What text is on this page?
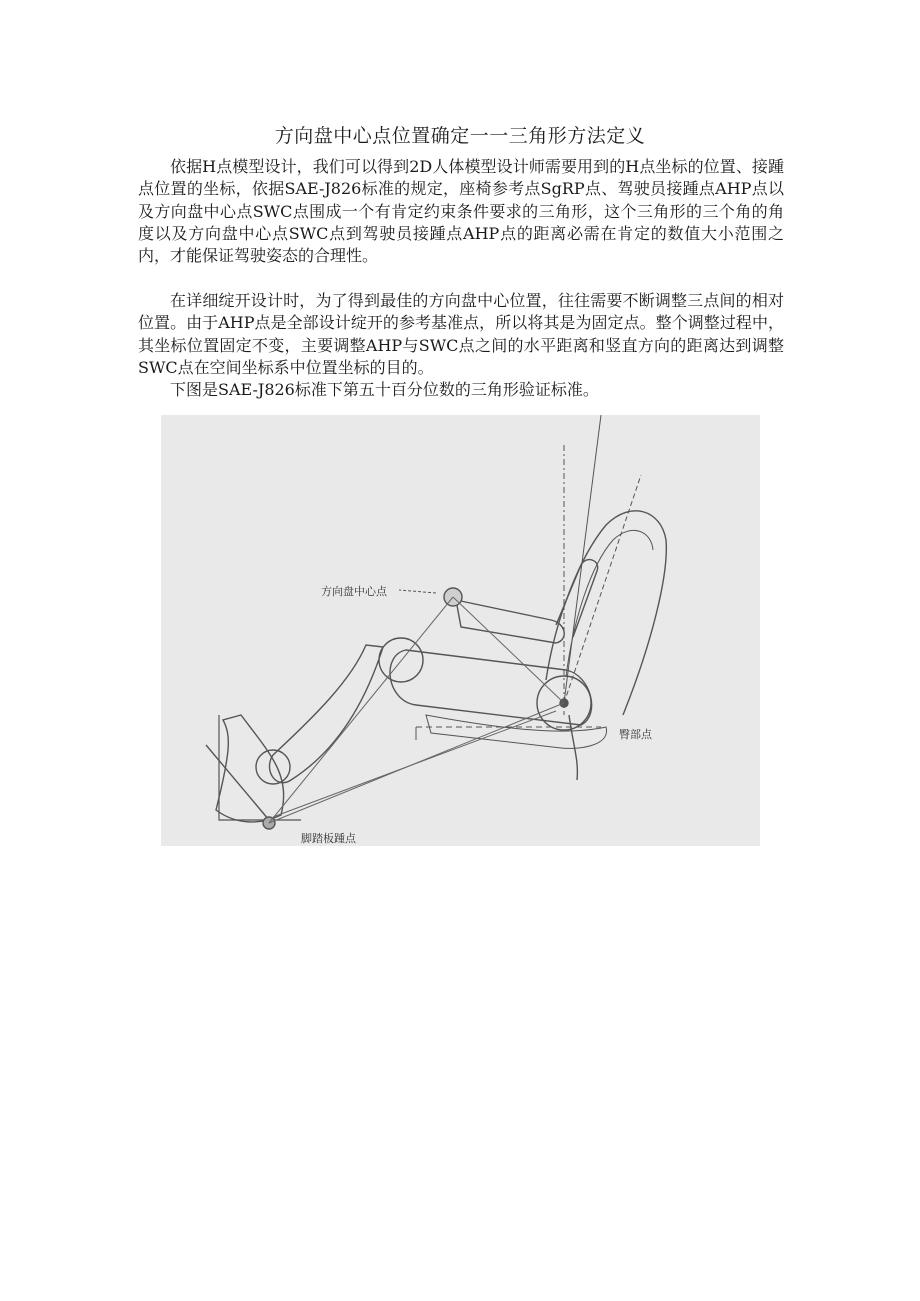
方向盘中心点位置确定一一三角形方法定义

依据H点模型设计，我们可以得到2D人体模型设计师需要用到的H点坐标的位置、接踵点位置的坐标，依据SAE-J826标准的规定，座椅参考点SgRP点、驾驶员接踵点AHP点以及方向盘中心点SWC点围成一个有肯定约束条件要求的三角形，这个三角形的三个角的角度以及方向盘中心点SWC点到驾驶员接踵点AHP点的距离必需在肯定的数值大小范围之内，才能保证驾驶姿态的合理性。

在详细绽开设计时，为了得到最佳的方向盘中心位置，往往需要不断调整三点间的相对位置。由于AHP点是全部设计绽开的参考基准点，所以将其是为固定点。整个调整过程中，其坐标位置固定不变，主要调整AHP与SWC点之间的水平距离和竖直方向的距离达到调整SWC点在空间坐标系中位置坐标的目的。

下图是SAE-J826标准下第五十百分位数的三角形验证标准。

方向盘中心点
臀部点
脚踏板踵点
